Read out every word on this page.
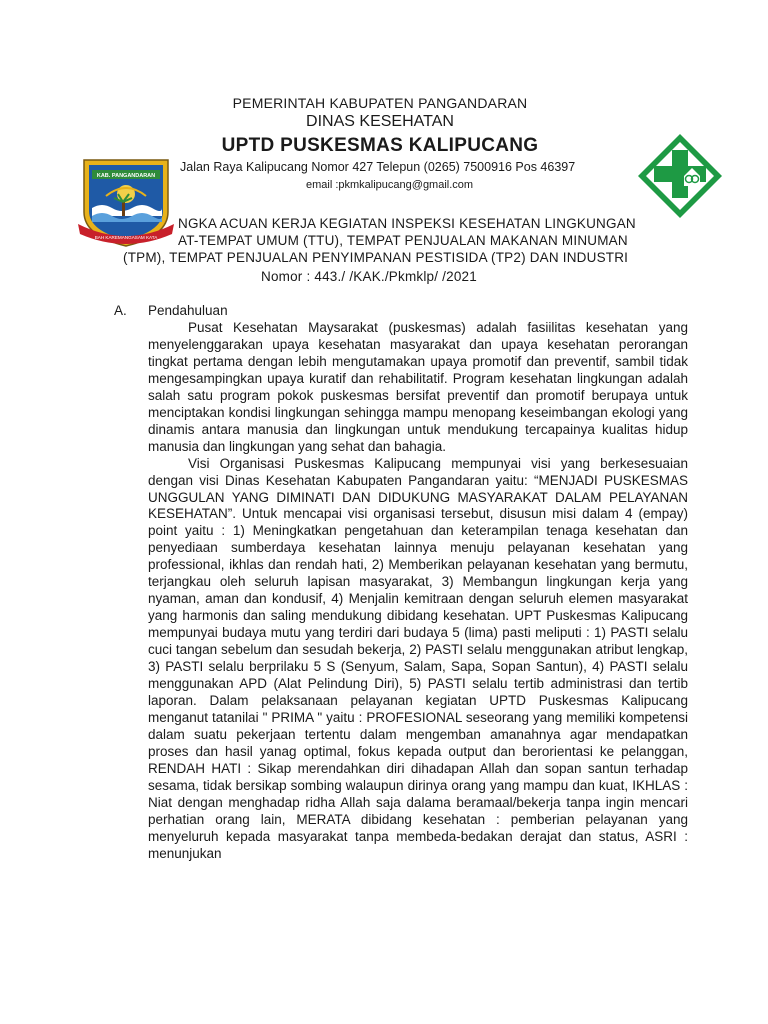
KAB. PANGANDARAN
BAH KAREMANGASAM KATA
PEMERINTAH KABUPATEN PANGANDARAN
DINAS KESEHATAN
UPTD PUSKESMAS KALIPUCANG
Jalan Raya Kalipucang Nomor 427 Telepun (0265) 7500916 Pos 46397
email :pkmkalipucang@gmail.com
NGKA ACUAN KERJA KEGIATAN INSPEKSI KESEHATAN LINGKUNGAN
AT-TEMPAT UMUM (TTU), TEMPAT PENJUALAN MAKANAN MINUMAN
(TPM), TEMPAT PENJUALAN PENYIMPANAN PESTISIDA (TP2) DAN INDUSTRI
Nomor : 443./ /KAK./Pkmklp/ /2021
A. Pendahuluan

Pusat Kesehatan Maysarakat (puskesmas) adalah fasiilitas kesehatan yang menyelenggarakan upaya kesehatan masyarakat dan upaya kesehatan perorangan tingkat pertama dengan lebih mengutamakan upaya promotif dan preventif, sambil tidak mengesampingkan upaya kuratif dan rehabilitatif. Program kesehatan lingkungan adalah salah satu program pokok puskesmas bersifat preventif dan promotif berupaya untuk menciptakan kondisi lingkungan sehingga mampu menopang keseimbangan ekologi yang dinamis antara manusia dan lingkungan untuk mendukung tercapainya kualitas hidup manusia dan lingkungan yang sehat dan bahagia.

Visi Organisasi Puskesmas Kalipucang mempunyai visi yang berkesesuaian dengan visi Dinas Kesehatan Kabupaten Pangandaran yaitu: “MENJADI PUSKESMAS UNGGULAN YANG DIMINATI DAN DIDUKUNG MASYARAKAT DALAM PELAYANAN KESEHATAN”. Untuk mencapai visi organisasi tersebut, disusun misi dalam 4 (empay) point yaitu : 1) Meningkatkan pengetahuan dan keterampilan tenaga kesehatan dan penyediaan sumberdaya kesehatan lainnya menuju pelayanan kesehatan yang professional, ikhlas dan rendah hati, 2) Memberikan pelayanan kesehatan yang bermutu, terjangkau oleh seluruh lapisan masyarakat, 3) Membangun lingkungan kerja yang nyaman, aman dan kondusif, 4) Menjalin kemitraan dengan seluruh elemen masyarakat yang harmonis dan saling mendukung dibidang kesehatan. UPT Puskesmas Kalipucang mempunyai budaya mutu yang terdiri dari budaya 5 (lima) pasti meliputi : 1) PASTI selalu cuci tangan sebelum dan sesudah bekerja, 2) PASTI selalu menggunakan atribut lengkap, 3) PASTI selalu berprilaku 5 S (Senyum, Salam, Sapa, Sopan Santun), 4) PASTI selalu menggunakan APD (Alat Pelindung Diri), 5) PASTI selalu tertib administrasi dan tertib laporan. Dalam pelaksanaan pelayanan kegiatan UPTD Puskesmas Kalipucang menganut tatanilai " PRIMA " yaitu : PROFESIONAL seseorang yang memiliki kompetensi dalam suatu pekerjaan tertentu dalam mengemban amanahnya agar mendapatkan proses dan hasil yanag optimal, fokus kepada output dan berorientasi ke pelanggan, RENDAH HATI : Sikap merendahkan diri dihadapan Allah dan sopan santun terhadap sesama, tidak bersikap sombing walaupun dirinya orang yang mampu dan kuat, IKHLAS : Niat dengan menghadap ridha Allah saja dalama beramaal/bekerja tanpa ingin mencari perhatian orang lain, MERATA dibidang kesehatan : pemberian pelayanan yang menyeluruh kepada masyarakat tanpa membeda-bedakan derajat dan status, ASRI : menunjukan
